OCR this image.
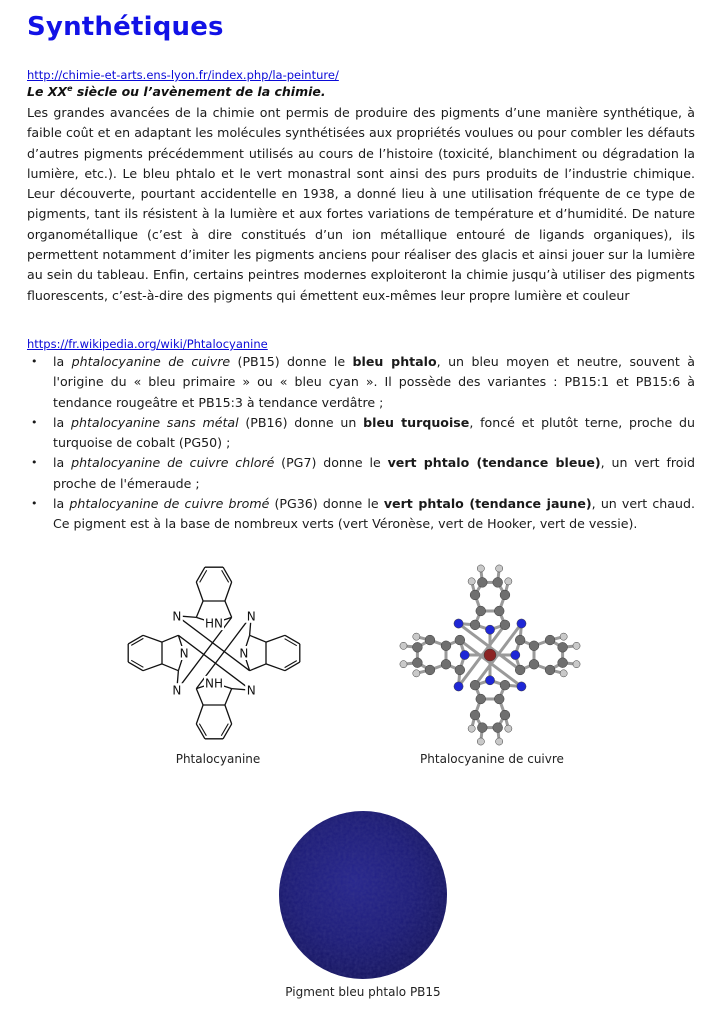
Synthétiques
http://chimie-et-arts.ens-lyon.fr/index.php/la-peinture/
Le XXe siècle ou l’avènement de la chimie.

Les grandes avancées de la chimie ont permis de produire des pigments d’une manière synthétique, à faible coût et en adaptant les molécules synthétisées aux propriétés voulues ou pour combler les défauts d’autres pigments précédemment utilisés au cours de l’histoire (toxicité, blanchiment ou dégradation la lumière, etc.). Le bleu phtalo et le vert monastral sont ainsi des purs produits de l’industrie chimique. Leur découverte, pourtant accidentelle en 1938, a donné lieu à une utilisation fréquente de ce type de pigments, tant ils résistent à la lumière et aux fortes variations de température et d’humidité. De nature organométallique (c’est à dire constitués d’un ion métallique entouré de ligands organiques), ils permettent notamment d’imiter les pigments anciens pour réaliser des glacis et ainsi jouer sur la lumière au sein du tableau. Enfin, certains peintres modernes exploiteront la chimie jusqu’à utiliser des pigments fluorescents, c’est-à-dire des pigments qui émettent eux-mêmes leur propre lumière et couleur

https://fr.wikipedia.org/wiki/Phtalocyanine
• la phtalocyanine de cuivre (PB15) donne le bleu phtalo, un bleu moyen et neutre, souvent à l'origine du « bleu primaire » ou « bleu cyan ». Il possède des variantes : PB15:1 et PB15:6 à tendance rougeâtre et PB15:3 à tendance verdâtre ;
• la phtalocyanine sans métal (PB16) donne un bleu turquoise, foncé et plutôt terne, proche du turquoise de cobalt (PG50) ;
• la phtalocyanine de cuivre chloré (PG7) donne le vert phtalo (tendance bleue), un vert froid proche de l'émeraude ;
• la phtalocyanine de cuivre bromé (PG36) donne le vert phtalo (tendance jaune), un vert chaud. Ce pigment est à la base de nombreux verts (vert Véronèse, vert de Hooker, vert de vessie).
NH
N
HN
N
N
N
N	N
Phtalocyanine	Phtalocyanine de cuivre
Pigment bleu phtalo PB15
